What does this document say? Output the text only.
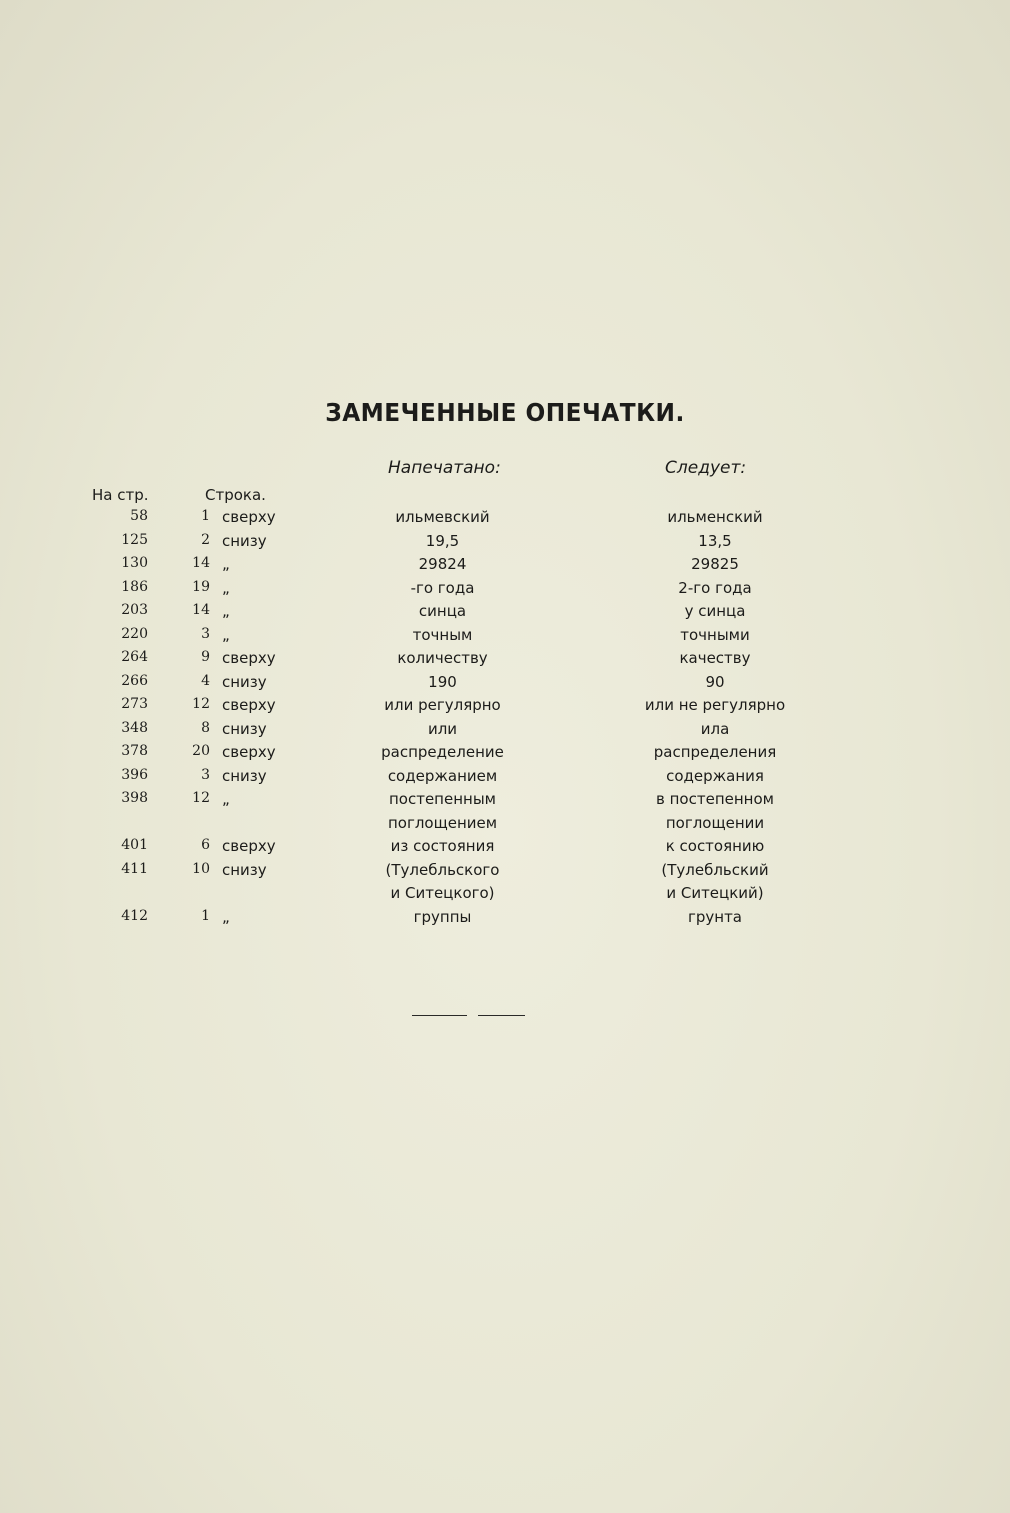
ЗАМЕЧЕННЫЕ ОПЕЧАТКИ.
Напечатано:	Следует:
На стр.	Строка.
58	1 сверху	ильмевский	ильменский
125	2 снизу	19,5	13,5
130	14 „	29824	29825
186	19 „	-го года	2-го года
203	14 „	синца	у синца
220	3 „	точным	точными
264	9 сверху	количеству	качеству
266	4 снизу	190	90
273	12 сверху	или регулярно	или не регулярно
348	8 снизу	или	ила
378	20 сверху	распределение	распределения
396	3 снизу	содержанием	содержания
398	12 „	постепенным	в постепенном
поглощением	поглощении
401	6 сверху	из состояния	к состоянию
411	10 снизу	(Тулебльского	(Тулебльский
и Ситецкого)	и Ситецкий)
412	1 „	группы	грунта
